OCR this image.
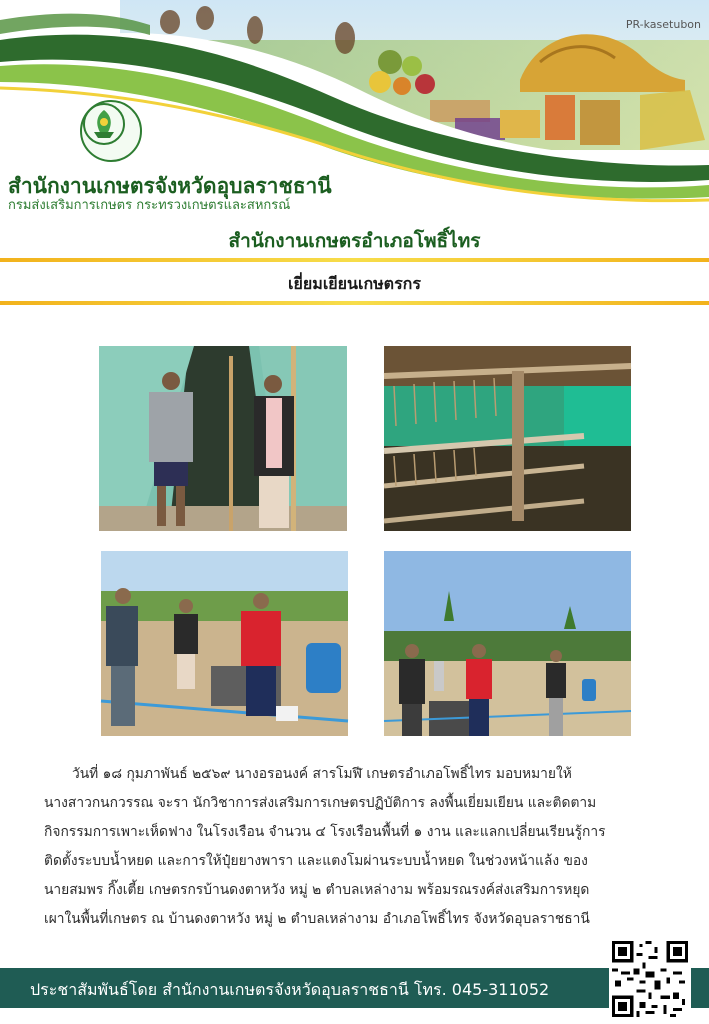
PR-kasetubon
สำนักงานเกษตรจังหวัดอุบลราชธานี
กรมส่งเสริมการเกษตร กระทรวงเกษตรและสหกรณ์
สำนักงานเกษตรอำเภอโพธิ์ไทร
เยี่ยมเยียนเกษตรกร
วันที่ ๑๘ กุมภาพันธ์ ๒๕๖๙ นางอรอนงค์ สารโมฬี เกษตรอำเภอโพธิ์ไทร มอบหมายให้
นางสาวกนกวรรณ จะรา นักวิชาการส่งเสริมการเกษตรปฏิบัติการ ลงพื้นเยี่ยมเยียน และติดตาม
กิจกรรมการเพาะเห็ดฟาง ในโรงเรือน จำนวน ๔ โรงเรือนพื้นที่ ๑ งาน และแลกเปลี่ยนเรียนรู้การ
ติดตั้งระบบน้ำหยด และการให้ปุ๋ยยางพารา และแตงโมผ่านระบบน้ำหยด ในช่วงหน้าแล้ง ของ
นายสมพร กิ๊งเตี้ย เกษตรกรบ้านดงตาหวัง หมู่ ๒ ตำบลเหล่างาม พร้อมรณรงค์ส่งเสริมการหยุด
เผาในพื้นที่เกษตร ณ บ้านดงตาหวัง หมู่ ๒ ตำบลเหล่างาม อำเภอโพธิ์ไทร จังหวัดอุบลราชธานี
ประชาสัมพันธ์โดย สำนักงานเกษตรจังหวัดอุบลราชธานี โทร. 045-311052
